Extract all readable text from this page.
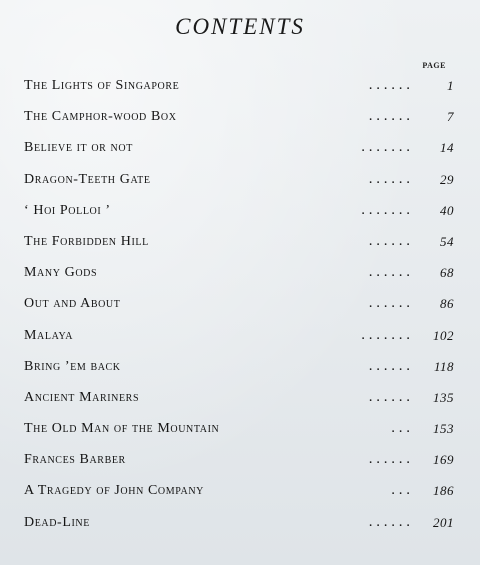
CONTENTS
PAGE
The Lights of Singapore	. . . . . .	1
The Camphor-wood Box	. . . . . .	7
Believe it or not	. . . . . . . 14
Dragon-Teeth Gate	. . . . . . 29
‘ Hoi Polloi ’	. . . . . . . 40
The Forbidden Hill	. . . . . . 54
Many Gods	. . . . . . 68
Out and About	. . . . . . 86
Malaya	. . . . . . . 102
Bring ’em back	. . . . . . 118
Ancient Mariners	. . . . . . 135
The Old Man of the Mountain	. . . 153
Frances Barber	. . . . . . 169
A Tragedy of John Company	. . . 186
Dead-Line	. . . . . . 201
